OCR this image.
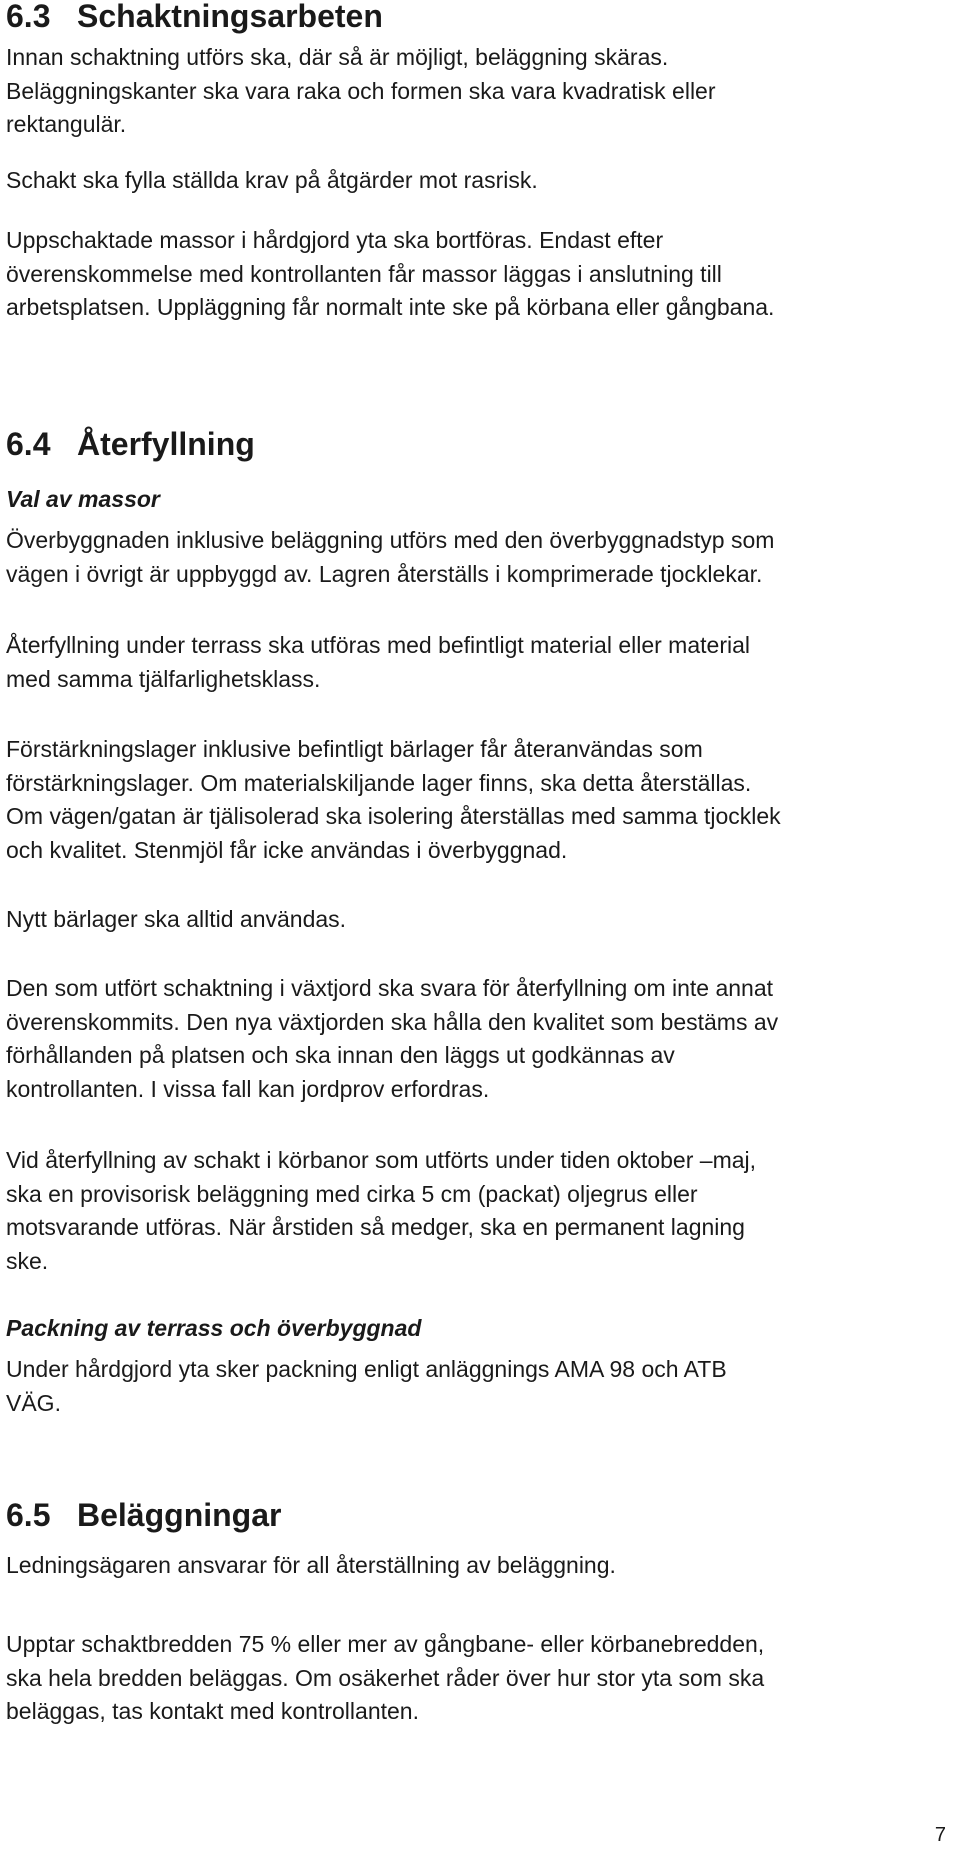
6.3 Schaktningsarbeten

Innan schaktning utförs ska, där så är möjligt, beläggning skäras.
Beläggningskanter ska vara raka och formen ska vara kvadratisk eller
rektangulär.

Schakt ska fylla ställda krav på åtgärder mot rasrisk.

Uppschaktade massor i hårdgjord yta ska bortföras. Endast efter
överenskommelse med kontrollanten får massor läggas i anslutning till
arbetsplatsen. Uppläggning får normalt inte ske på körbana eller gångbana.

6.4 Återfyllning

Val av massor

Överbyggnaden inklusive beläggning utförs med den överbyggnadstyp som
vägen i övrigt är uppbyggd av. Lagren återställs i komprimerade tjocklekar.

Återfyllning under terrass ska utföras med befintligt material eller material
med samma tjälfarlighetsklass.

Förstärkningslager inklusive befintligt bärlager får återanvändas som
förstärkningslager. Om materialskiljande lager finns, ska detta återställas.
Om vägen/gatan är tjälisolerad ska isolering återställas med samma tjocklek
och kvalitet. Stenmjöl får icke användas i överbyggnad.

Nytt bärlager ska alltid användas.

Den som utfört schaktning i växtjord ska svara för återfyllning om inte annat
överenskommits. Den nya växtjorden ska hålla den kvalitet som bestäms av
förhållanden på platsen och ska innan den läggs ut godkännas av
kontrollanten. I vissa fall kan jordprov erfordras.

Vid återfyllning av schakt i körbanor som utförts under tiden oktober –maj,
ska en provisorisk beläggning med cirka 5 cm (packat) oljegrus eller
motsvarande utföras. När årstiden så medger, ska en permanent lagning
ske.

Packning av terrass och överbyggnad

Under hårdgjord yta sker packning enligt anläggnings AMA 98 och ATB
VÄG.

6.5 Beläggningar

Ledningsägaren ansvarar för all återställning av beläggning.

Upptar schaktbredden 75 % eller mer av gångbane- eller körbanebredden,
ska hela bredden beläggas. Om osäkerhet råder över hur stor yta som ska
beläggas, tas kontakt med kontrollanten.

7
